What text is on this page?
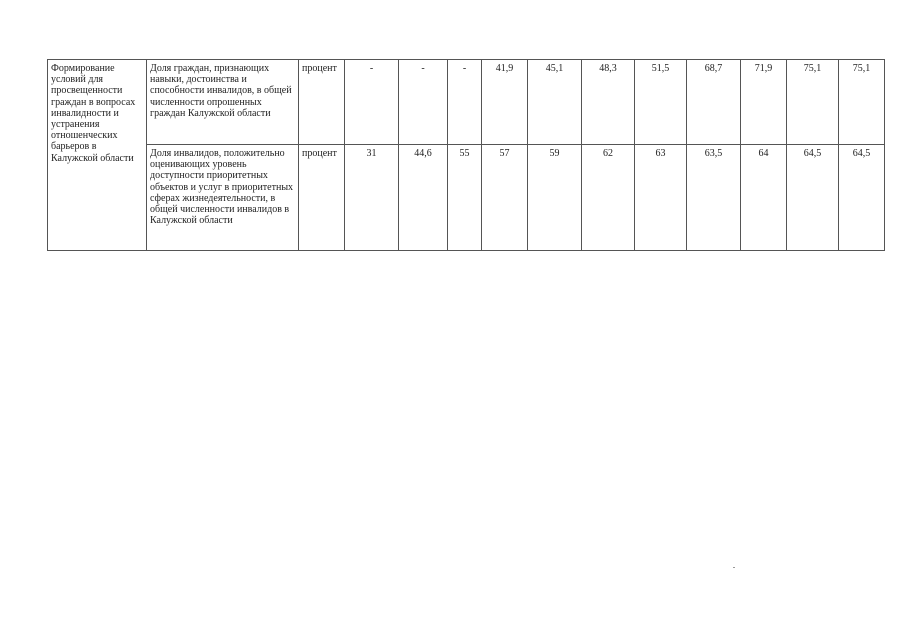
Формирование условий для просвещенности граждан в вопросах инвалидности и устранения отношенческих барьеров в Калужской области	Доля граждан, признающих навыки, достоинства и способности инвалидов, в общей численности опрошенных граждан Калужской области	процент	-	-	-	41,9	45,1	48,3	51,5	68,7	71,9	75,1	75,1
	Доля инвалидов, положительно оценивающих уровень доступности приоритетных объектов и услуг в приоритетных сферах жизнедеятельности, в общей численности инвалидов в Калужской области	процент	31	44,6	55	57	59	62	63	63,5	64	64,5	64,5
